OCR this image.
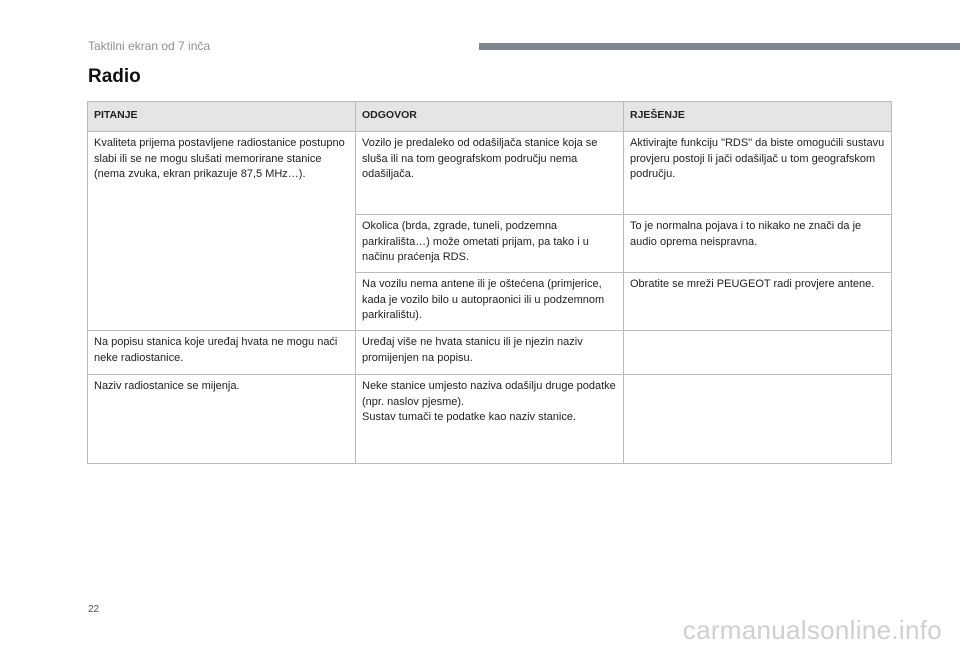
Taktilni ekran od 7 inča
Radio
PITANJE	ODGOVOR	RJEŠENJE
Kvaliteta prijema postavljene radiostanice postupno slabi ili se ne mogu slušati memorirane stanice (nema zvuka, ekran prikazuje 87,5 MHz…).	Vozilo je predaleko od odašiljača stanice koja se sluša ili na tom geografskom području nema odašiljača.	Aktivirajte funkciju "RDS" da biste omogućili sustavu provjeru postoji li jači odašiljač u tom geografskom području.
	Okolica (brda, zgrade, tuneli, podzemna parkirališta…) može ometati prijam, pa tako i u načinu praćenja RDS.	To je normalna pojava i to nikako ne znači da je audio oprema neispravna.
	Na vozilu nema antene ili je oštećena (primjerice, kada je vozilo bilo u autopraonici ili u podzemnom parkiralištu).	Obratite se mreži PEUGEOT radi provjere antene.
Na popisu stanica koje uređaj hvata ne mogu naći neke radiostanice.	Uređaj više ne hvata stanicu ili je njezin naziv promijenjen na popisu.	
Naziv radiostanice se mijenja.	Neke stanice umjesto naziva odašilju druge podatke (npr. naslov pjesme).
Sustav tumači te podatke kao naziv stanice.	

22
carmanualsonline.info
